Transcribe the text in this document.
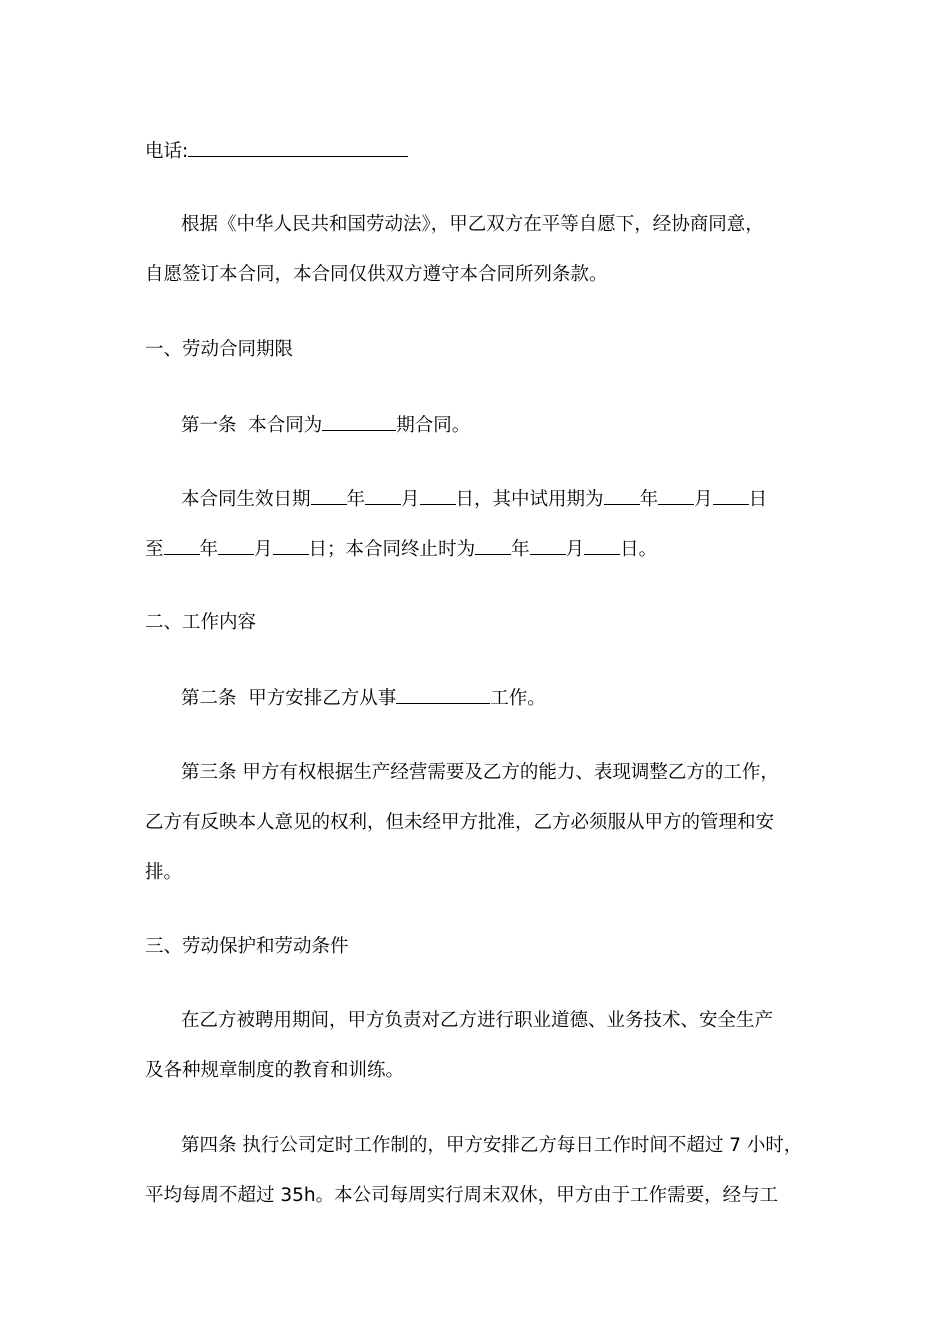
电话:
根据《中华人民共和国劳动法》，甲乙双方在平等自愿下，经协商同意，
自愿签订本合同，本合同仅供双方遵守本合同所列条款。
一、劳动合同期限
第一条  本合同为	期合同。
本合同生效日期 年 月 日，其中试用期为 年 月 日
至 年 月 日；本合同终止时为 年 月 日。
二、工作内容
第二条  甲方安排乙方从事	工作。
第三条 甲方有权根据生产经营需要及乙方的能力、表现调整乙方的工作，
乙方有反映本人意见的权利，但未经甲方批准，乙方必须服从甲方的管理和安
排。
三、劳动保护和劳动条件
在乙方被聘用期间，甲方负责对乙方进行职业道德、业务技术、安全生产
及各种规章制度的教育和训练。
第四条 执行公司定时工作制的，甲方安排乙方每日工作时间不超过 7 小时，
平均每周不超过 35h。本公司每周实行周末双休，甲方由于工作需要，经与工
